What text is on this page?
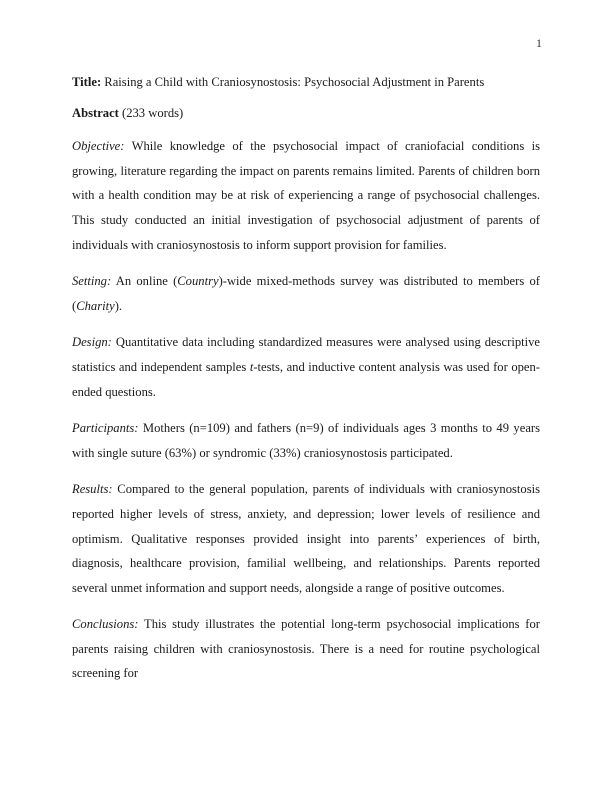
1

Title: Raising a Child with Craniosynostosis: Psychosocial Adjustment in Parents

Abstract (233 words)

Objective: While knowledge of the psychosocial impact of craniofacial conditions is growing, literature regarding the impact on parents remains limited. Parents of children born with a health condition may be at risk of experiencing a range of psychosocial challenges. This study conducted an initial investigation of psychosocial adjustment of parents of individuals with craniosynostosis to inform support provision for families.

Setting: An online (Country)-wide mixed-methods survey was distributed to members of (Charity).

Design: Quantitative data including standardized measures were analysed using descriptive statistics and independent samples t-tests, and inductive content analysis was used for open-ended questions.

Participants: Mothers (n=109) and fathers (n=9) of individuals ages 3 months to 49 years with single suture (63%) or syndromic (33%) craniosynostosis participated.

Results: Compared to the general population, parents of individuals with craniosynostosis reported higher levels of stress, anxiety, and depression; lower levels of resilience and optimism. Qualitative responses provided insight into parents’ experiences of birth, diagnosis, healthcare provision, familial wellbeing, and relationships. Parents reported several unmet information and support needs, alongside a range of positive outcomes.

Conclusions: This study illustrates the potential long-term psychosocial implications for parents raising children with craniosynostosis. There is a need for routine psychological screening for
